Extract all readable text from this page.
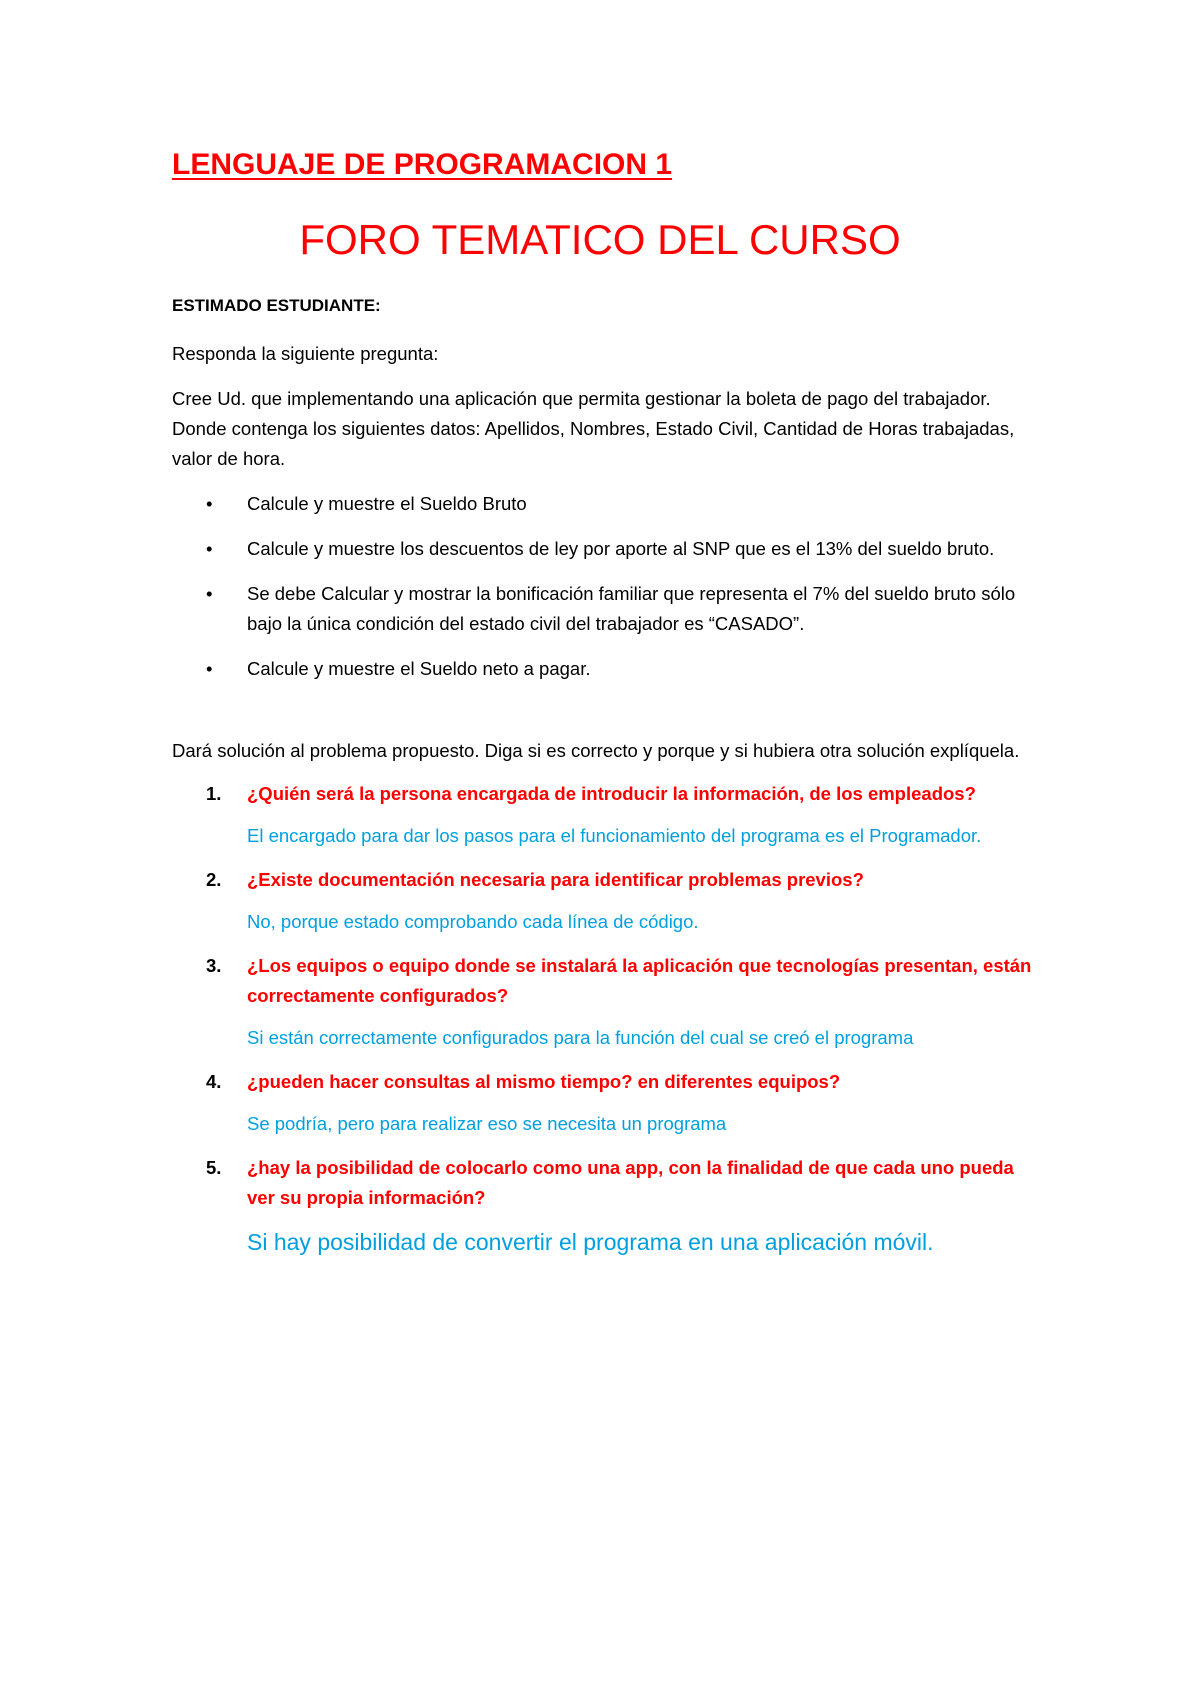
LENGUAJE DE PROGRAMACION 1
FORO TEMATICO DEL CURSO

ESTIMADO ESTUDIANTE:

Responda la siguiente pregunta:

Cree Ud. que implementando una aplicación que permita gestionar la boleta de pago del trabajador. Donde contenga los siguientes datos: Apellidos, Nombres, Estado Civil, Cantidad de Horas trabajadas, valor de hora.

• Calcule y muestre el Sueldo Bruto
• Calcule y muestre los descuentos de ley por aporte al SNP que es el 13% del sueldo bruto.
• Se debe Calcular y mostrar la bonificación familiar que representa el 7% del sueldo bruto sólo bajo la única condición del estado civil del trabajador es “CASADO”.
• Calcule y muestre el Sueldo neto a pagar.

Dará solución al problema propuesto. Diga si es correcto y porque y si hubiera otra solución explíquela.

1. ¿Quién será la persona encargada de introducir la información, de los empleados?
El encargado para dar los pasos para el funcionamiento del programa es el Programador.
2. ¿Existe documentación necesaria para identificar problemas previos?
No, porque estado comprobando cada línea de código.
3. ¿Los equipos o equipo donde se instalará la aplicación que tecnologías presentan, están correctamente configurados?
Si están correctamente configurados para la función del cual se creó el programa
4. ¿pueden hacer consultas al mismo tiempo? en diferentes equipos?
Se podría, pero para realizar eso se necesita un programa
5. ¿hay la posibilidad de colocarlo como una app, con la finalidad de que cada uno pueda ver su propia información?
Si hay posibilidad de convertir el programa en una aplicación móvil.
